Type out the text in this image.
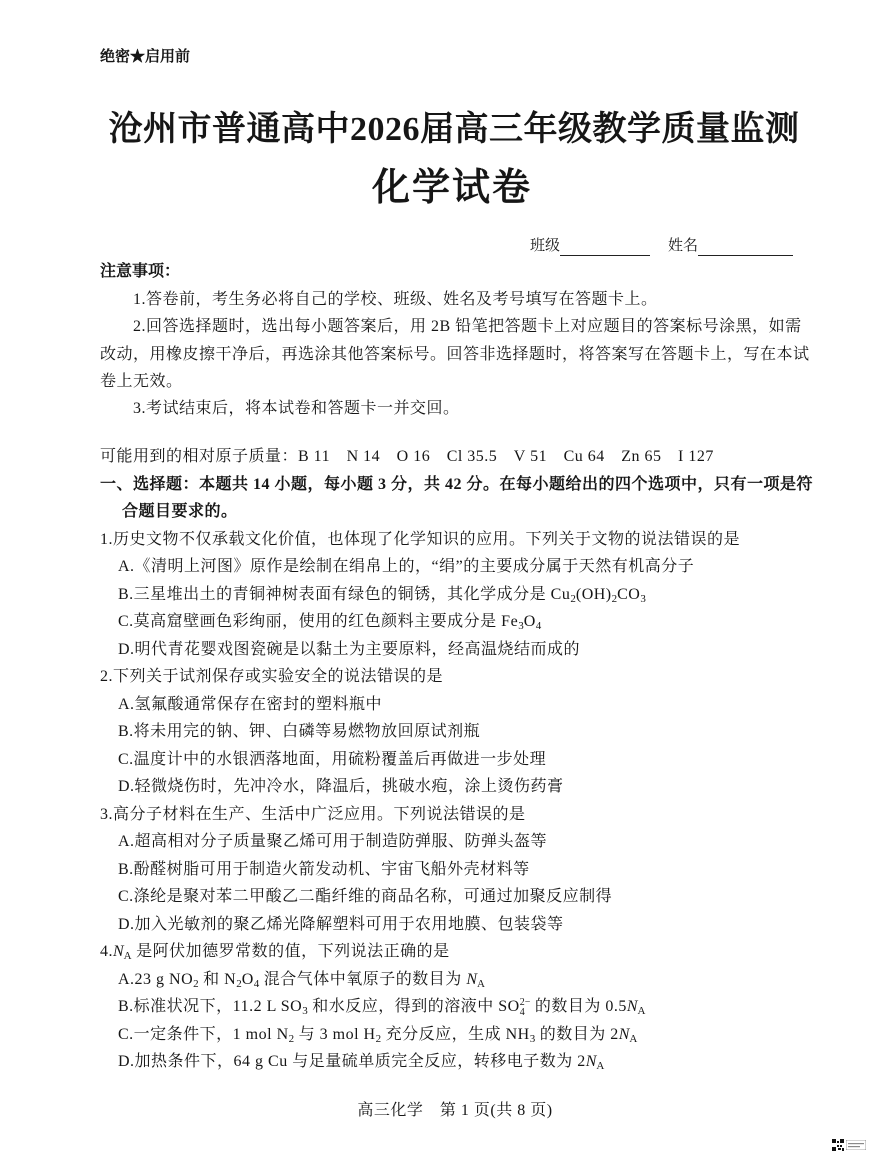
绝密★启用前
沧州市普通高中2026届高三年级教学质量监测
化学试卷
班级	姓名
注意事项：
1.答卷前，考生务必将自己的学校、班级、姓名及考号填写在答题卡上。
2.回答选择题时，选出每小题答案后，用 2B 铅笔把答题卡上对应题目的答案标号涂黑，如需
改动，用橡皮擦干净后，再选涂其他答案标号。回答非选择题时，将答案写在答题卡上，写在本试
卷上无效。
3.考试结束后，将本试卷和答题卡一并交回。
可能用到的相对原子质量：B 11　N 14　O 16　Cl 35.5　V 51　Cu 64　Zn 65　I 127
一、选择题：本题共 14 小题，每小题 3 分，共 42 分。在每小题给出的四个选项中，只有一项是符
合题目要求的。
1.历史文物不仅承载文化价值，也体现了化学知识的应用。下列关于文物的说法错误的是
A.《清明上河图》原作是绘制在绢帛上的，“绢”的主要成分属于天然有机高分子
B.三星堆出土的青铜神树表面有绿色的铜锈，其化学成分是 Cu2(OH)2CO3
C.莫高窟壁画色彩绚丽，使用的红色颜料主要成分是 Fe3O4
D.明代青花婴戏图瓷碗是以黏土为主要原料，经高温烧结而成的
2.下列关于试剂保存或实验安全的说法错误的是
A.氢氟酸通常保存在密封的塑料瓶中
B.将未用完的钠、钾、白磷等易燃物放回原试剂瓶
C.温度计中的水银洒落地面，用硫粉覆盖后再做进一步处理
D.轻微烧伤时，先冲冷水，降温后，挑破水疱，涂上烫伤药膏
3.高分子材料在生产、生活中广泛应用。下列说法错误的是
A.超高相对分子质量聚乙烯可用于制造防弹服、防弹头盔等
B.酚醛树脂可用于制造火箭发动机、宇宙飞船外壳材料等
C.涤纶是聚对苯二甲酸乙二酯纤维的商品名称，可通过加聚反应制得
D.加入光敏剂的聚乙烯光降解塑料可用于农用地膜、包装袋等
4.NA 是阿伏加德罗常数的值，下列说法正确的是
A.23 g NO2 和 N2O4 混合气体中氧原子的数目为 NA
B.标准状况下，11.2 L SO3 和水反应，得到的溶液中 SO 2−
4 的数目为 0.5NA
C.一定条件下，1 mol N2 与 3 mol H2 充分反应，生成 NH3 的数目为 2NA
D.加热条件下，64 g Cu 与足量硫单质完全反应，转移电子数为 2NA
高三化学　第 1 页(共 8 页)
